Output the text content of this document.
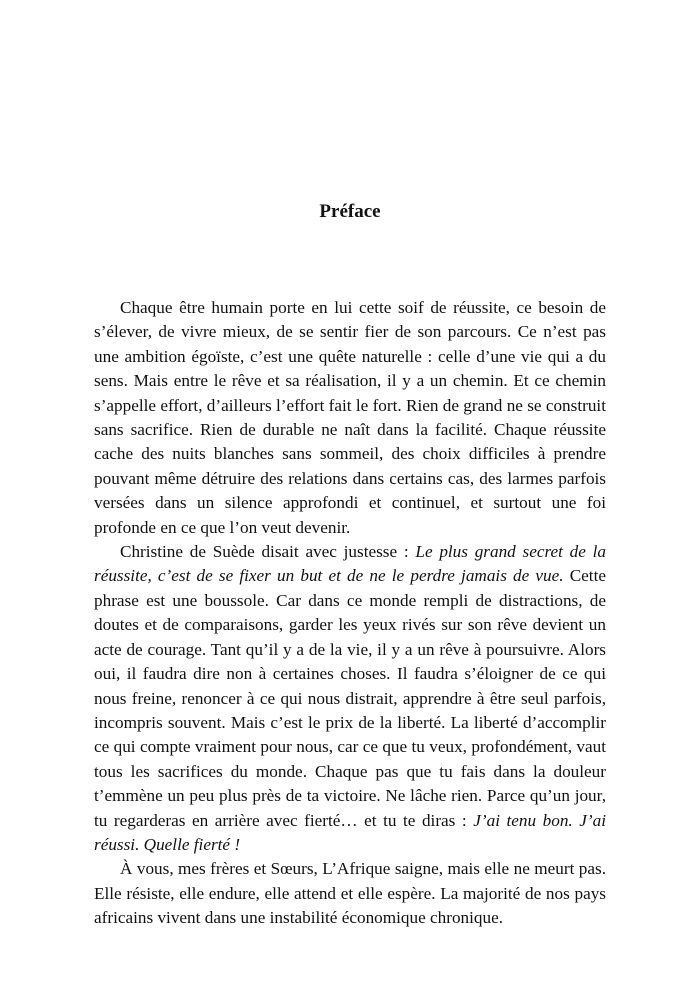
Préface

Chaque être humain porte en lui cette soif de réussite, ce besoin de s’élever, de vivre mieux, de se sentir fier de son parcours. Ce n’est pas une ambition égoïste, c’est une quête naturelle : celle d’une vie qui a du sens. Mais entre le rêve et sa réalisation, il y a un chemin. Et ce chemin s’appelle effort, d’ailleurs l’effort fait le fort. Rien de grand ne se construit sans sacrifice. Rien de durable ne naît dans la facilité. Chaque réussite cache des nuits blanches sans sommeil, des choix difficiles à prendre pouvant même détruire des relations dans certains cas, des larmes parfois versées dans un silence approfondi et continuel, et surtout une foi profonde en ce que l’on veut devenir.

Christine de Suède disait avec justesse : Le plus grand secret de la réussite, c’est de se fixer un but et de ne le perdre jamais de vue. Cette phrase est une boussole. Car dans ce monde rempli de distractions, de doutes et de comparaisons, garder les yeux rivés sur son rêve devient un acte de courage. Tant qu’il y a de la vie, il y a un rêve à poursuivre. Alors oui, il faudra dire non à certaines choses. Il faudra s’éloigner de ce qui nous freine, renoncer à ce qui nous distrait, apprendre à être seul parfois, incompris souvent. Mais c’est le prix de la liberté. La liberté d’accomplir ce qui compte vraiment pour nous, car ce que tu veux, profondément, vaut tous les sacrifices du monde. Chaque pas que tu fais dans la douleur t’emmène un peu plus près de ta victoire. Ne lâche rien. Parce qu’un jour, tu regarderas en arrière avec fierté… et tu te diras : J’ai tenu bon. J’ai réussi. Quelle fierté !

À vous, mes frères et Sœurs, L’Afrique saigne, mais elle ne meurt pas. Elle résiste, elle endure, elle attend et elle espère. La majorité de nos pays africains vivent dans une instabilité économique chronique.
